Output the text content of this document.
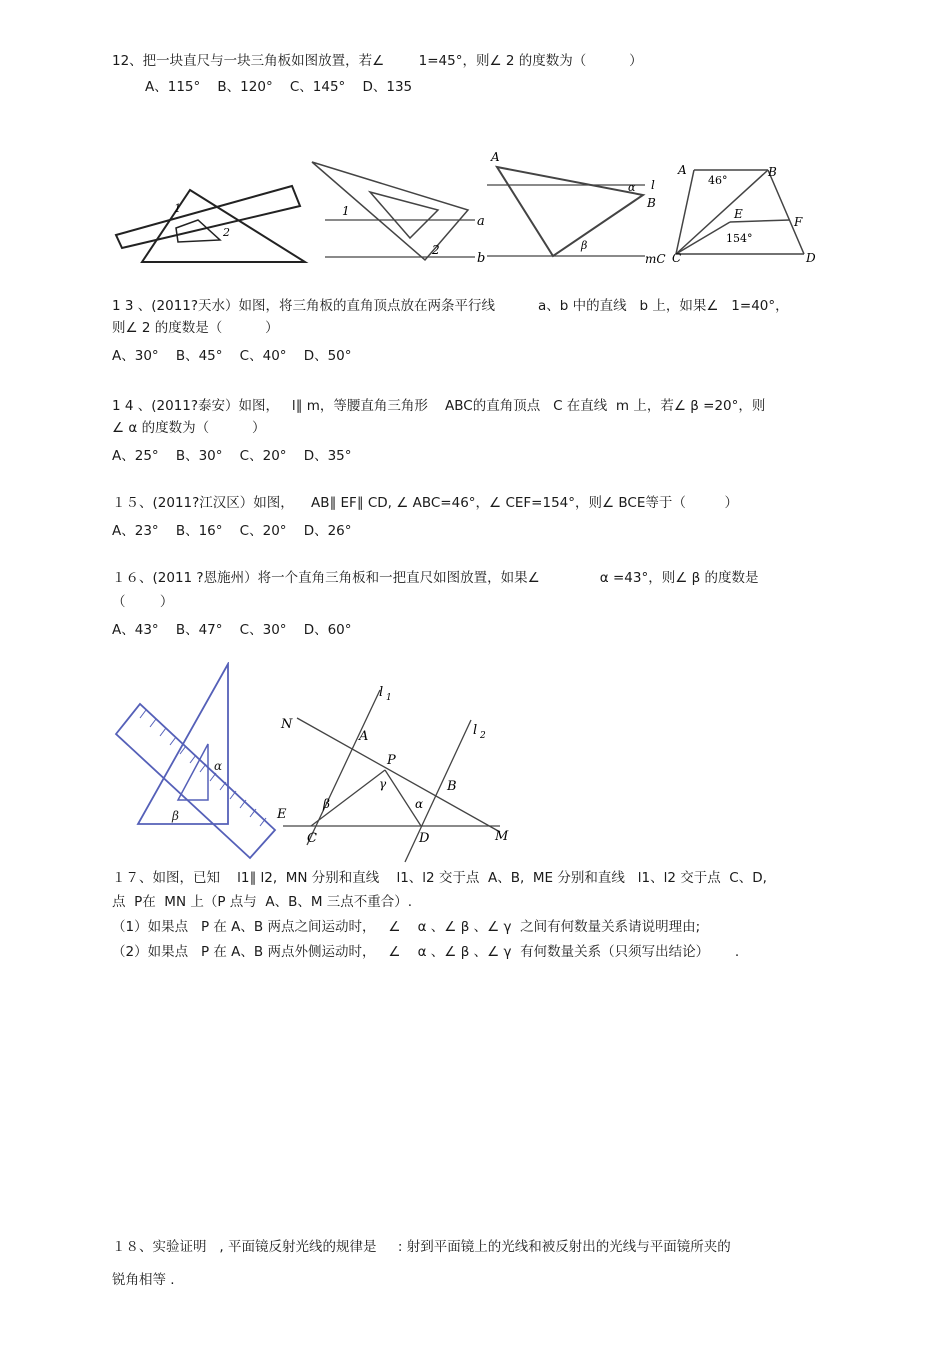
12、把一块直尺与一块三角板如图放置，若∠        1=45°，则∠ 2 的度数为（          ）
A、115°    B、120°    C、145°    D、135
1
2
1
2
a
b
A
B
l
α
β
mC
A	B
E
F
C	D
46°
154°
1 3 、(2011?天水）如图，将三角板的直角顶点放在两条平行线          a、b 中的直线   b 上，如果∠   1=40°，
则∠ 2 的度数是（          ）
A、30°    B、45°    C、40°    D、50°
1 4 、(2011?泰安）如图，   l∥ m，等腰直角三角形    ABC的直角顶点   C 在直线  m 上，若∠ β =20°，则
∠ α 的度数为（          ）
A、25°    B、30°    C、20°    D、35°
１５、(2011?江汉区）如图，    AB∥ EF∥ CD, ∠ ABC=46°，∠ CEF=154°，则∠ BCE等于（         ）
A、23°    B、16°    C、20°    D、26°
１６、(2011 ?恩施州）将一个直角三角板和一把直尺如图放置，如果∠              α =43°，则∠ β 的度数是
（        ）
A、43°    B、47°    C、30°    D、60°
α
β
N
A
P
B
E
C	D	M
l 1
l 2
β
γ
α
１７、如图，已知    l1∥ l2,  MN 分别和直线    l1、l2 交于点  A、B,  ME 分别和直线   l1、l2 交于点  C、D,
点  P在  MN 上（P 点与  A、B、M 三点不重合）.
（1）如果点   P 在 A、B 两点之间运动时，   ∠    α 、∠ β 、∠ γ  之间有何数量关系请说明理由;
（2）如果点   P 在 A、B 两点外侧运动时，   ∠    α 、∠ β 、∠ γ  有何数量关系（只须写出结论）      .
１８、实验证明   , 平面镜反射光线的规律是     : 射到平面镜上的光线和被反射出的光线与平面镜所夹的
锐角相等 .
